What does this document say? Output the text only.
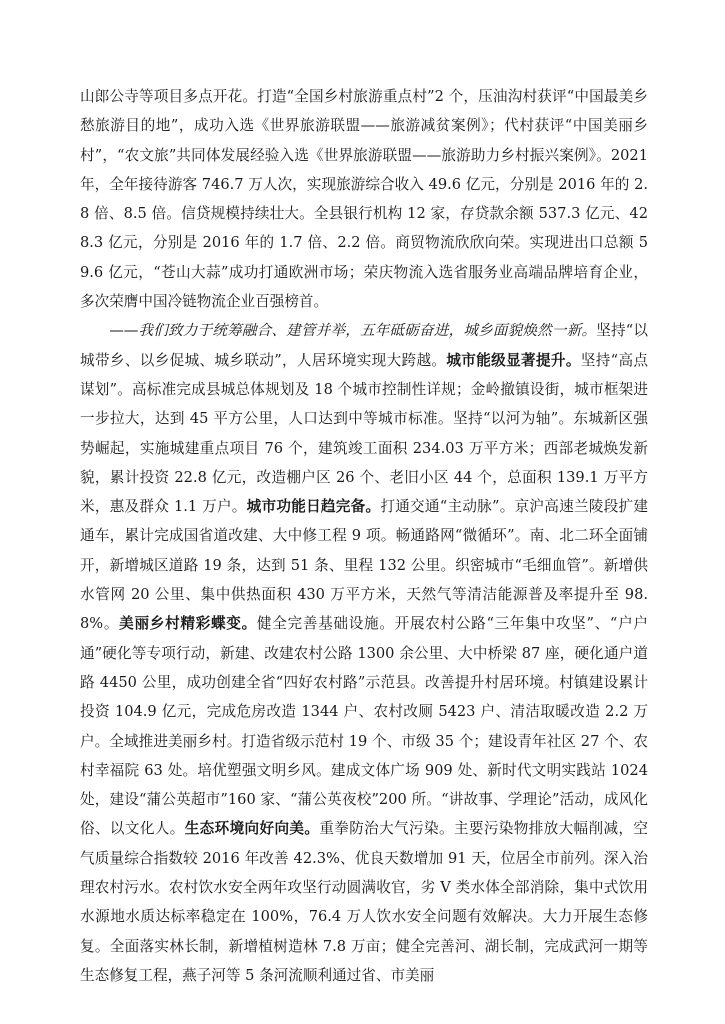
山郎公寺等项目多点开花。打造“全国乡村旅游重点村”2 个，压油沟村获评“中国最美乡愁旅游目的地”，成功入选《世界旅游联盟——旅游减贫案例》；代村获评“中国美丽乡村”，“农文旅”共同体发展经验入选《世界旅游联盟——旅游助力乡村振兴案例》。2021 年，全年接待游客 746.7 万人次，实现旅游综合收入 49.6 亿元，分别是 2016 年的 2.8 倍、8.5 倍。信贷规模持续壮大。全县银行机构 12 家，存贷款余额 537.3 亿元、428.3 亿元，分别是 2016 年的 1.7 倍、2.2 倍。商贸物流欣欣向荣。实现进出口总额 59.6 亿元，“苍山大蒜”成功打通欧洲市场；荣庆物流入选省服务业高端品牌培育企业，多次荣膺中国冷链物流企业百强榜首。

——我们致力于统筹融合、建管并举，五年砥砺奋进，城乡面貌焕然一新。坚持“以城带乡、以乡促城、城乡联动”，人居环境实现大跨越。城市能级显著提升。坚持“高点谋划”。高标准完成县城总体规划及 18 个城市控制性详规；金岭撤镇设街，城市框架进一步拉大，达到 45 平方公里，人口达到中等城市标准。坚持“以河为轴”。东城新区强势崛起，实施城建重点项目 76 个，建筑竣工面积 234.03 万平方米；西部老城焕发新貌，累计投资 22.8 亿元，改造棚户区 26 个、老旧小区 44 个，总面积 139.1 万平方米，惠及群众 1.1 万户。城市功能日趋完备。打通交通“主动脉”。京沪高速兰陵段扩建通车，累计完成国省道改建、大中修工程 9 项。畅通路网“微循环”。南、北二环全面铺开，新增城区道路 19 条，达到 51 条、里程 132 公里。织密城市“毛细血管”。新增供水管网 20 公里、集中供热面积 430 万平方米，天然气等清洁能源普及率提升至 98.8%。美丽乡村精彩蝶变。健全完善基础设施。开展农村公路“三年集中攻坚”、“户户通”硬化等专项行动，新建、改建农村公路 1300 余公里、大中桥梁 87 座，硬化通户道路 4450 公里，成功创建全省“四好农村路”示范县。改善提升村居环境。村镇建设累计投资 104.9 亿元，完成危房改造 1344 户、农村改厕 5423 户、清洁取暖改造 2.2 万户。全域推进美丽乡村。打造省级示范村 19 个、市级 35 个；建设青年社区 27 个、农村幸福院 63 处。培优塑强文明乡风。建成文体广场 909 处、新时代文明实践站 1024 处，建设“蒲公英超市”160 家、“蒲公英夜校”200 所。“讲故事、学理论”活动，成风化俗、以文化人。生态环境向好向美。重拳防治大气污染。主要污染物排放大幅削减，空气质量综合指数较 2016 年改善 42.3%、优良天数增加 91 天，位居全市前列。深入治理农村污水。农村饮水安全两年攻坚行动圆满收官，劣 V 类水体全部消除，集中式饮用水源地水质达标率稳定在 100%，76.4 万人饮水安全问题有效解决。大力开展生态修复。全面落实林长制，新增植树造林 7.8 万亩；健全完善河、湖长制，完成武河一期等生态修复工程，燕子河等 5 条河流顺利通过省、市美丽
